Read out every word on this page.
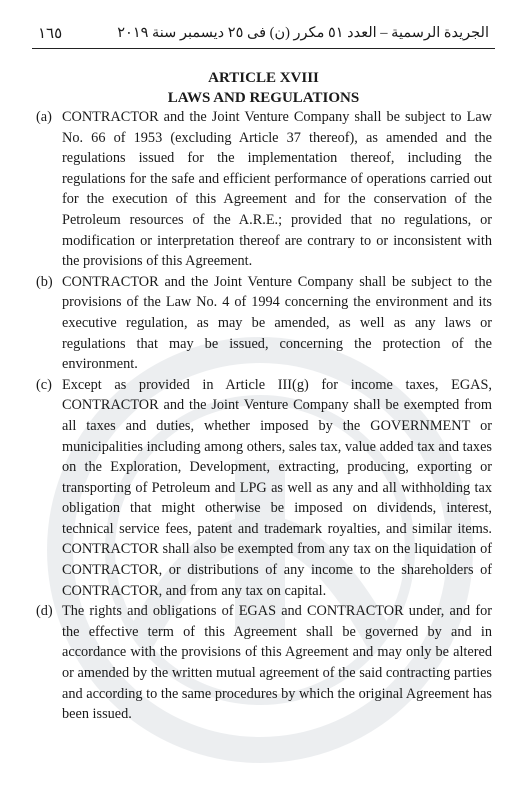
١٦٥	الجريدة الرسمية – العدد ٥١ مكرر (ن) فى ٢٥ ديسمبر سنة ٢٠١٩
ARTICLE XVIII
LAWS AND REGULATIONS
(a) CONTRACTOR and the Joint Venture Company shall be subject to Law No. 66 of 1953 (excluding Article 37 thereof), as amended and the regulations issued for the implementation thereof, including the regulations for the safe and efficient performance of operations carried out for the execution of this Agreement and for the conservation of the Petroleum resources of the A.R.E.; provided that no regulations, or modification or interpretation thereof are contrary to or inconsistent with the provisions of this Agreement.
(b) CONTRACTOR and the Joint Venture Company shall be subject to the provisions of the Law No. 4 of 1994 concerning the environment and its executive regulation, as may be amended, as well as any laws or regulations that may be issued, concerning the protection of the environment.
(c) Except as provided in Article III(g) for income taxes, EGAS, CONTRACTOR and the Joint Venture Company shall be exempted from all taxes and duties, whether imposed by the GOVERNMENT or municipalities including among others, sales tax, value added tax and taxes on the Exploration, Development, extracting, producing, exporting or transporting of Petroleum and LPG as well as any and all withholding tax obligation that might otherwise be imposed on dividends, interest, technical service fees, patent and trademark royalties, and similar items. CONTRACTOR shall also be exempted from any tax on the liquidation of CONTRACTOR, or distributions of any income to the shareholders of CONTRACTOR, and from any tax on capital.
(d) The rights and obligations of EGAS and CONTRACTOR under, and for the effective term of this Agreement shall be governed by and in accordance with the provisions of this Agreement and may only be altered or amended by the written mutual agreement of the said contracting parties and according to the same procedures by which the original Agreement has been issued.
